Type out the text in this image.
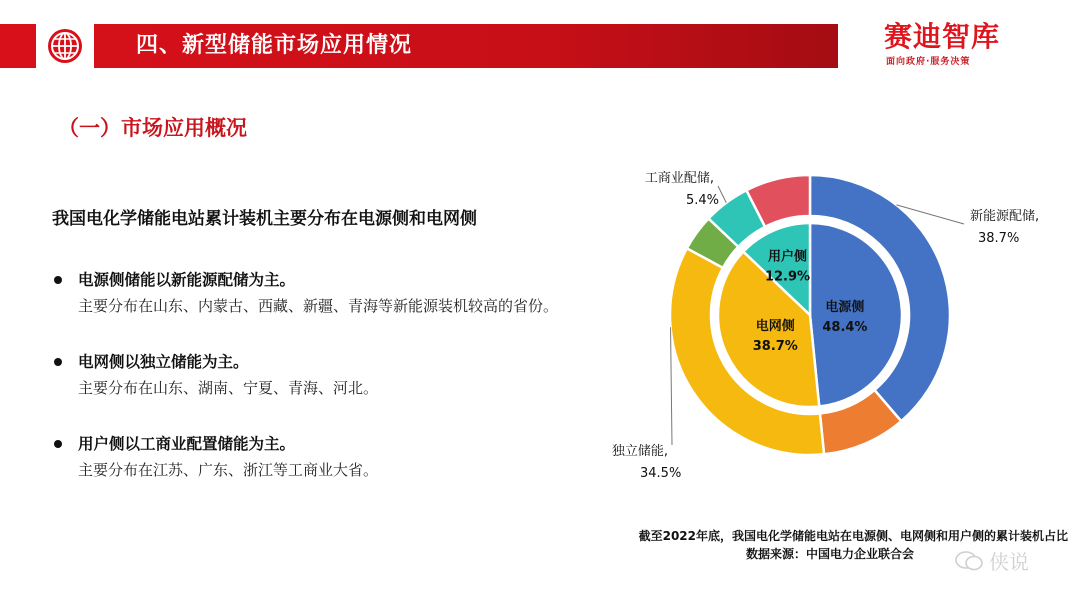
四、新型储能市场应用情况	赛迪智库
面向政府·服务决策
（一）市场应用概况
我国电化学储能电站累计装机主要分布在电源侧和电网侧
电源侧储能以新能源配储为主。
主要分布在山东、内蒙古、西藏、新疆、青海等新能源装机较高的省份。
电网侧以独立储能为主。
主要分布在山东、湖南、宁夏、青海、河北。
用户侧以工商业配置储能为主。
主要分布在江苏、广东、浙江等工商业大省。
电源侧
48.4%
电网侧
38.7%
用户侧
12.9%
新能源配储,
38.7%
独立储能,
34.5%
工商业配储,
5.4%
截至2022年底，我国电化学储能电站在电源侧、电网侧和用户侧的累计装机占比
数据来源：中国电力企业联合会	侠说
